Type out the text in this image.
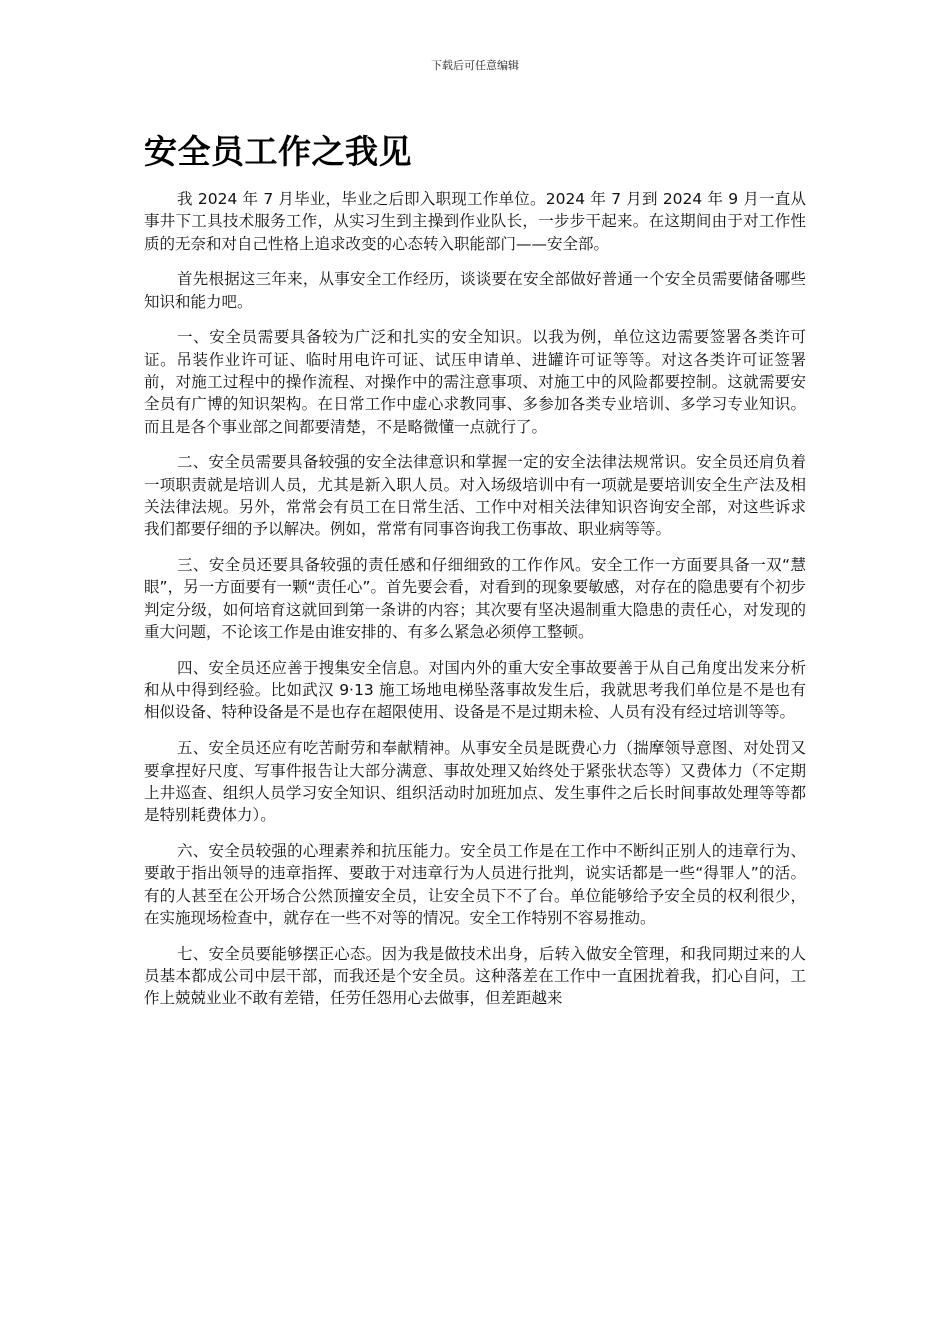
下载后可任意编辑
安全员工作之我见

我 2024 年 7 月毕业，毕业之后即入职现工作单位。2024 年 7 月到 2024 年 9 月一直从事井下工具技术服务工作，从实习生到主操到作业队长，一步步干起来。在这期间由于对工作性质的无奈和对自己性格上追求改变的心态转入职能部门——安全部。

首先根据这三年来，从事安全工作经历，谈谈要在安全部做好普通一个安全员需要储备哪些知识和能力吧。

一、安全员需要具备较为广泛和扎实的安全知识。以我为例，单位这边需要签署各类许可证。吊装作业许可证、临时用电许可证、试压申请单、进罐许可证等等。对这各类许可证签署前，对施工过程中的操作流程、对操作中的需注意事项、对施工中的风险都要控制。这就需要安全员有广博的知识架构。在日常工作中虚心求教同事、多参加各类专业培训、多学习专业知识。而且是各个事业部之间都要清楚，不是略微懂一点就行了。

二、安全员需要具备较强的安全法律意识和掌握一定的安全法律法规常识。安全员还肩负着一项职责就是培训人员，尤其是新入职人员。对入场级培训中有一项就是要培训安全生产法及相关法律法规。另外，常常会有员工在日常生活、工作中对相关法律知识咨询安全部，对这些诉求我们都要仔细的予以解决。例如，常常有同事咨询我工伤事故、职业病等等。

三、安全员还要具备较强的责任感和仔细细致的工作作风。安全工作一方面要具备一双“慧眼”，另一方面要有一颗“责任心”。首先要会看，对看到的现象要敏感，对存在的隐患要有个初步判定分级，如何培育这就回到第一条讲的内容；其次要有坚决遏制重大隐患的责任心，对发现的重大问题，不论该工作是由谁安排的、有多么紧急必须停工整顿。

四、安全员还应善于搜集安全信息。对国内外的重大安全事故要善于从自己角度出发来分析和从中得到经验。比如武汉 9·13 施工场地电梯坠落事故发生后，我就思考我们单位是不是也有相似设备、特种设备是不是也存在超限使用、设备是不是过期未检、人员有没有经过培训等等。

五、安全员还应有吃苦耐劳和奉献精神。从事安全员是既费心力（揣摩领导意图、对处罚又要拿捏好尺度、写事件报告让大部分满意、事故处理又始终处于紧张状态等）又费体力（不定期上井巡查、组织人员学习安全知识、组织活动时加班加点、发生事件之后长时间事故处理等等都是特别耗费体力）。

六、安全员较强的心理素养和抗压能力。安全员工作是在工作中不断纠正别人的违章行为、要敢于指出领导的违章指挥、要敢于对违章行为人员进行批判，说实话都是一些“得罪人”的活。有的人甚至在公开场合公然顶撞安全员，让安全员下不了台。单位能够给予安全员的权利很少，在实施现场检查中，就存在一些不对等的情况。安全工作特别不容易推动。

七、安全员要能够摆正心态。因为我是做技术出身，后转入做安全管理，和我同期过来的人员基本都成公司中层干部，而我还是个安全员。这种落差在工作中一直困扰着我，扪心自问，工作上兢兢业业不敢有差错，任劳任怨用心去做事，但差距越来
